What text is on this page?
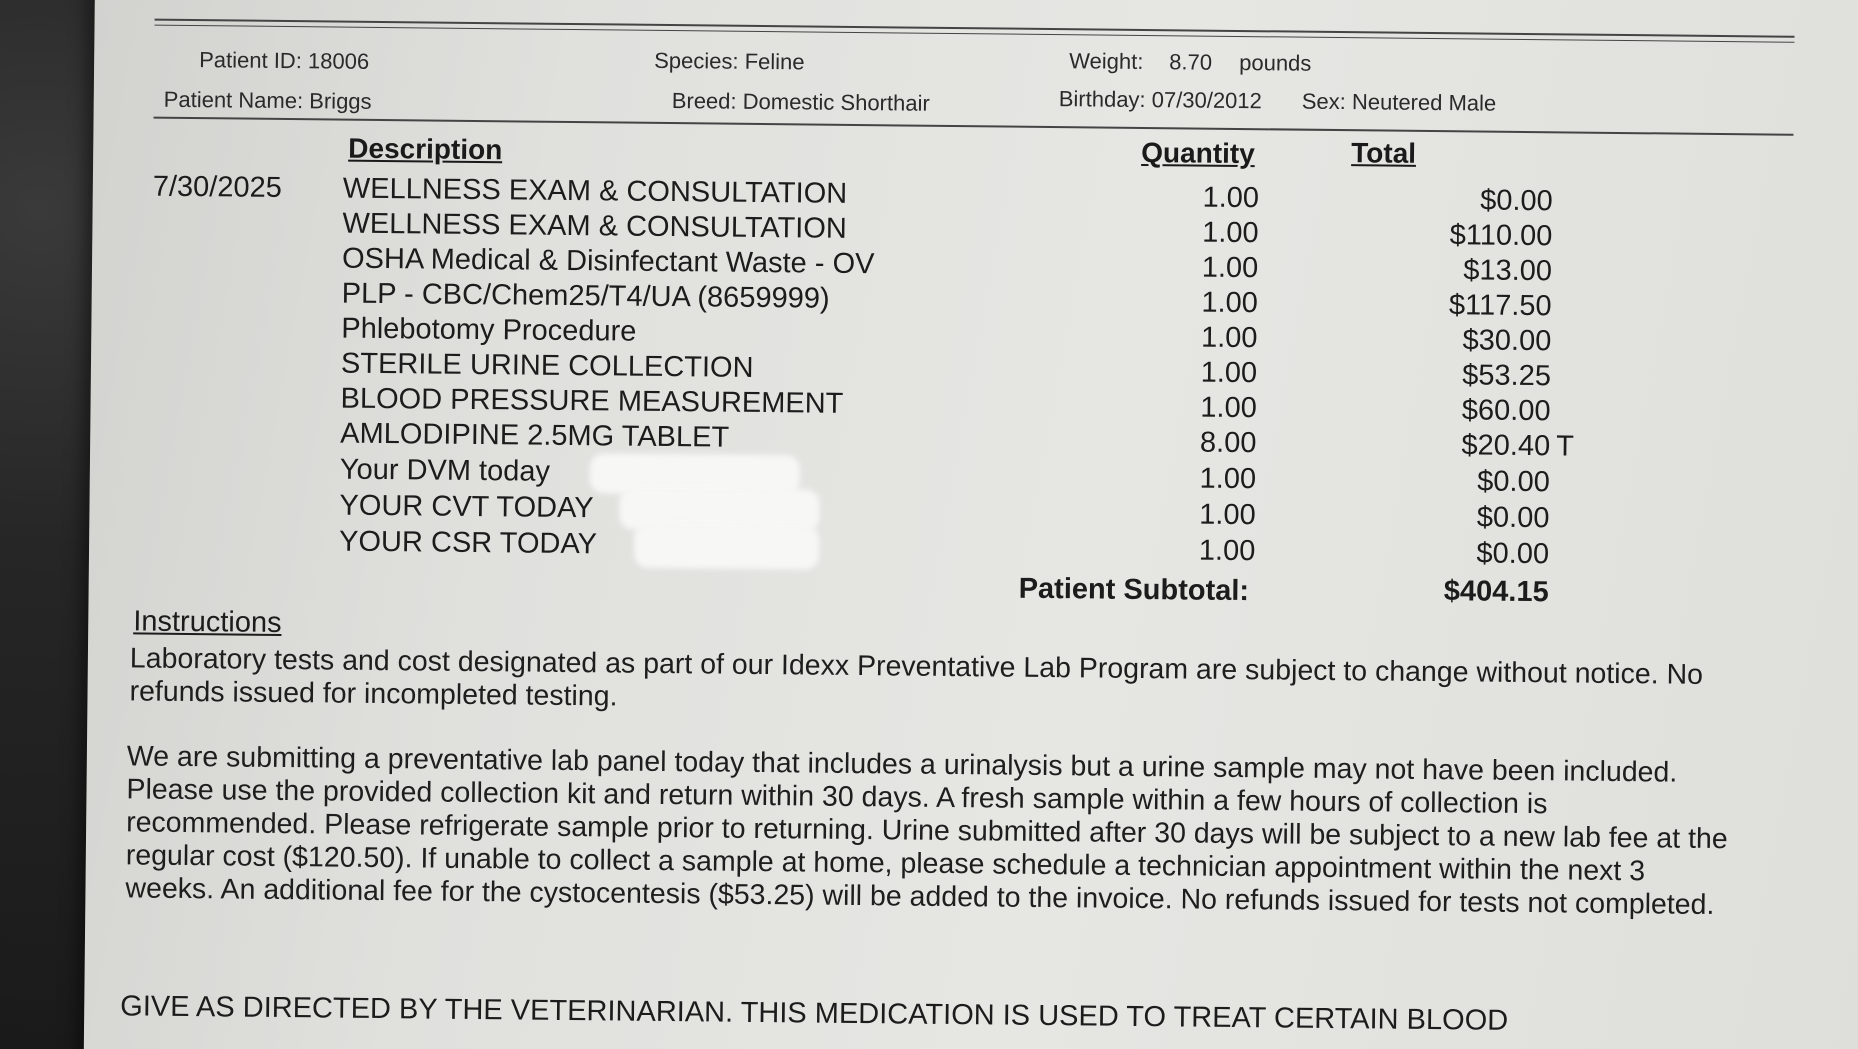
Patient ID: 18006	Species: Feline	Weight: 8.70 pounds
Patient Name: Briggs	Breed: Domestic Shorthair	Birthday: 07/30/2012 Sex: Neutered Male
Description	Quantity	Total
7/30/2025 WELLNESS EXAM & CONSULTATION	1.00	$0.00
WELLNESS EXAM & CONSULTATION	1.00	$110.00
OSHA Medical & Disinfectant Waste - OV	1.00	$13.00
PLP - CBC/Chem25/T4/UA (8659999)	1.00	$117.50
Phlebotomy Procedure	1.00	$30.00
STERILE URINE COLLECTION	1.00	$53.25
BLOOD PRESSURE MEASUREMENT	1.00	$60.00
AMLODIPINE 2.5MG TABLET	8.00	$20.40 T
Your DVM today	1.00	$0.00
YOUR CVT TODAY	1.00	$0.00
YOUR CSR TODAY	1.00	$0.00
Patient Subtotal:	$404.15
Instructions
Laboratory tests and cost designated as part of our Idexx Preventative Lab Program are subject to change without notice. No refunds issued for incompleted testing.
We are submitting a preventative lab panel today that includes a urinalysis but a urine sample may not have been included. Please use the provided collection kit and return within 30 days. A fresh sample within a few hours of collection is recommended. Please refrigerate sample prior to returning. Urine submitted after 30 days will be subject to a new lab fee at the regular cost ($120.50). If unable to collect a sample at home, please schedule a technician appointment within the next 3 weeks. An additional fee for the cystocentesis ($53.25) will be added to the invoice. No refunds issued for tests not completed.
GIVE AS DIRECTED BY THE VETERINARIAN. THIS MEDICATION IS USED TO TREAT CERTAIN BLOOD
